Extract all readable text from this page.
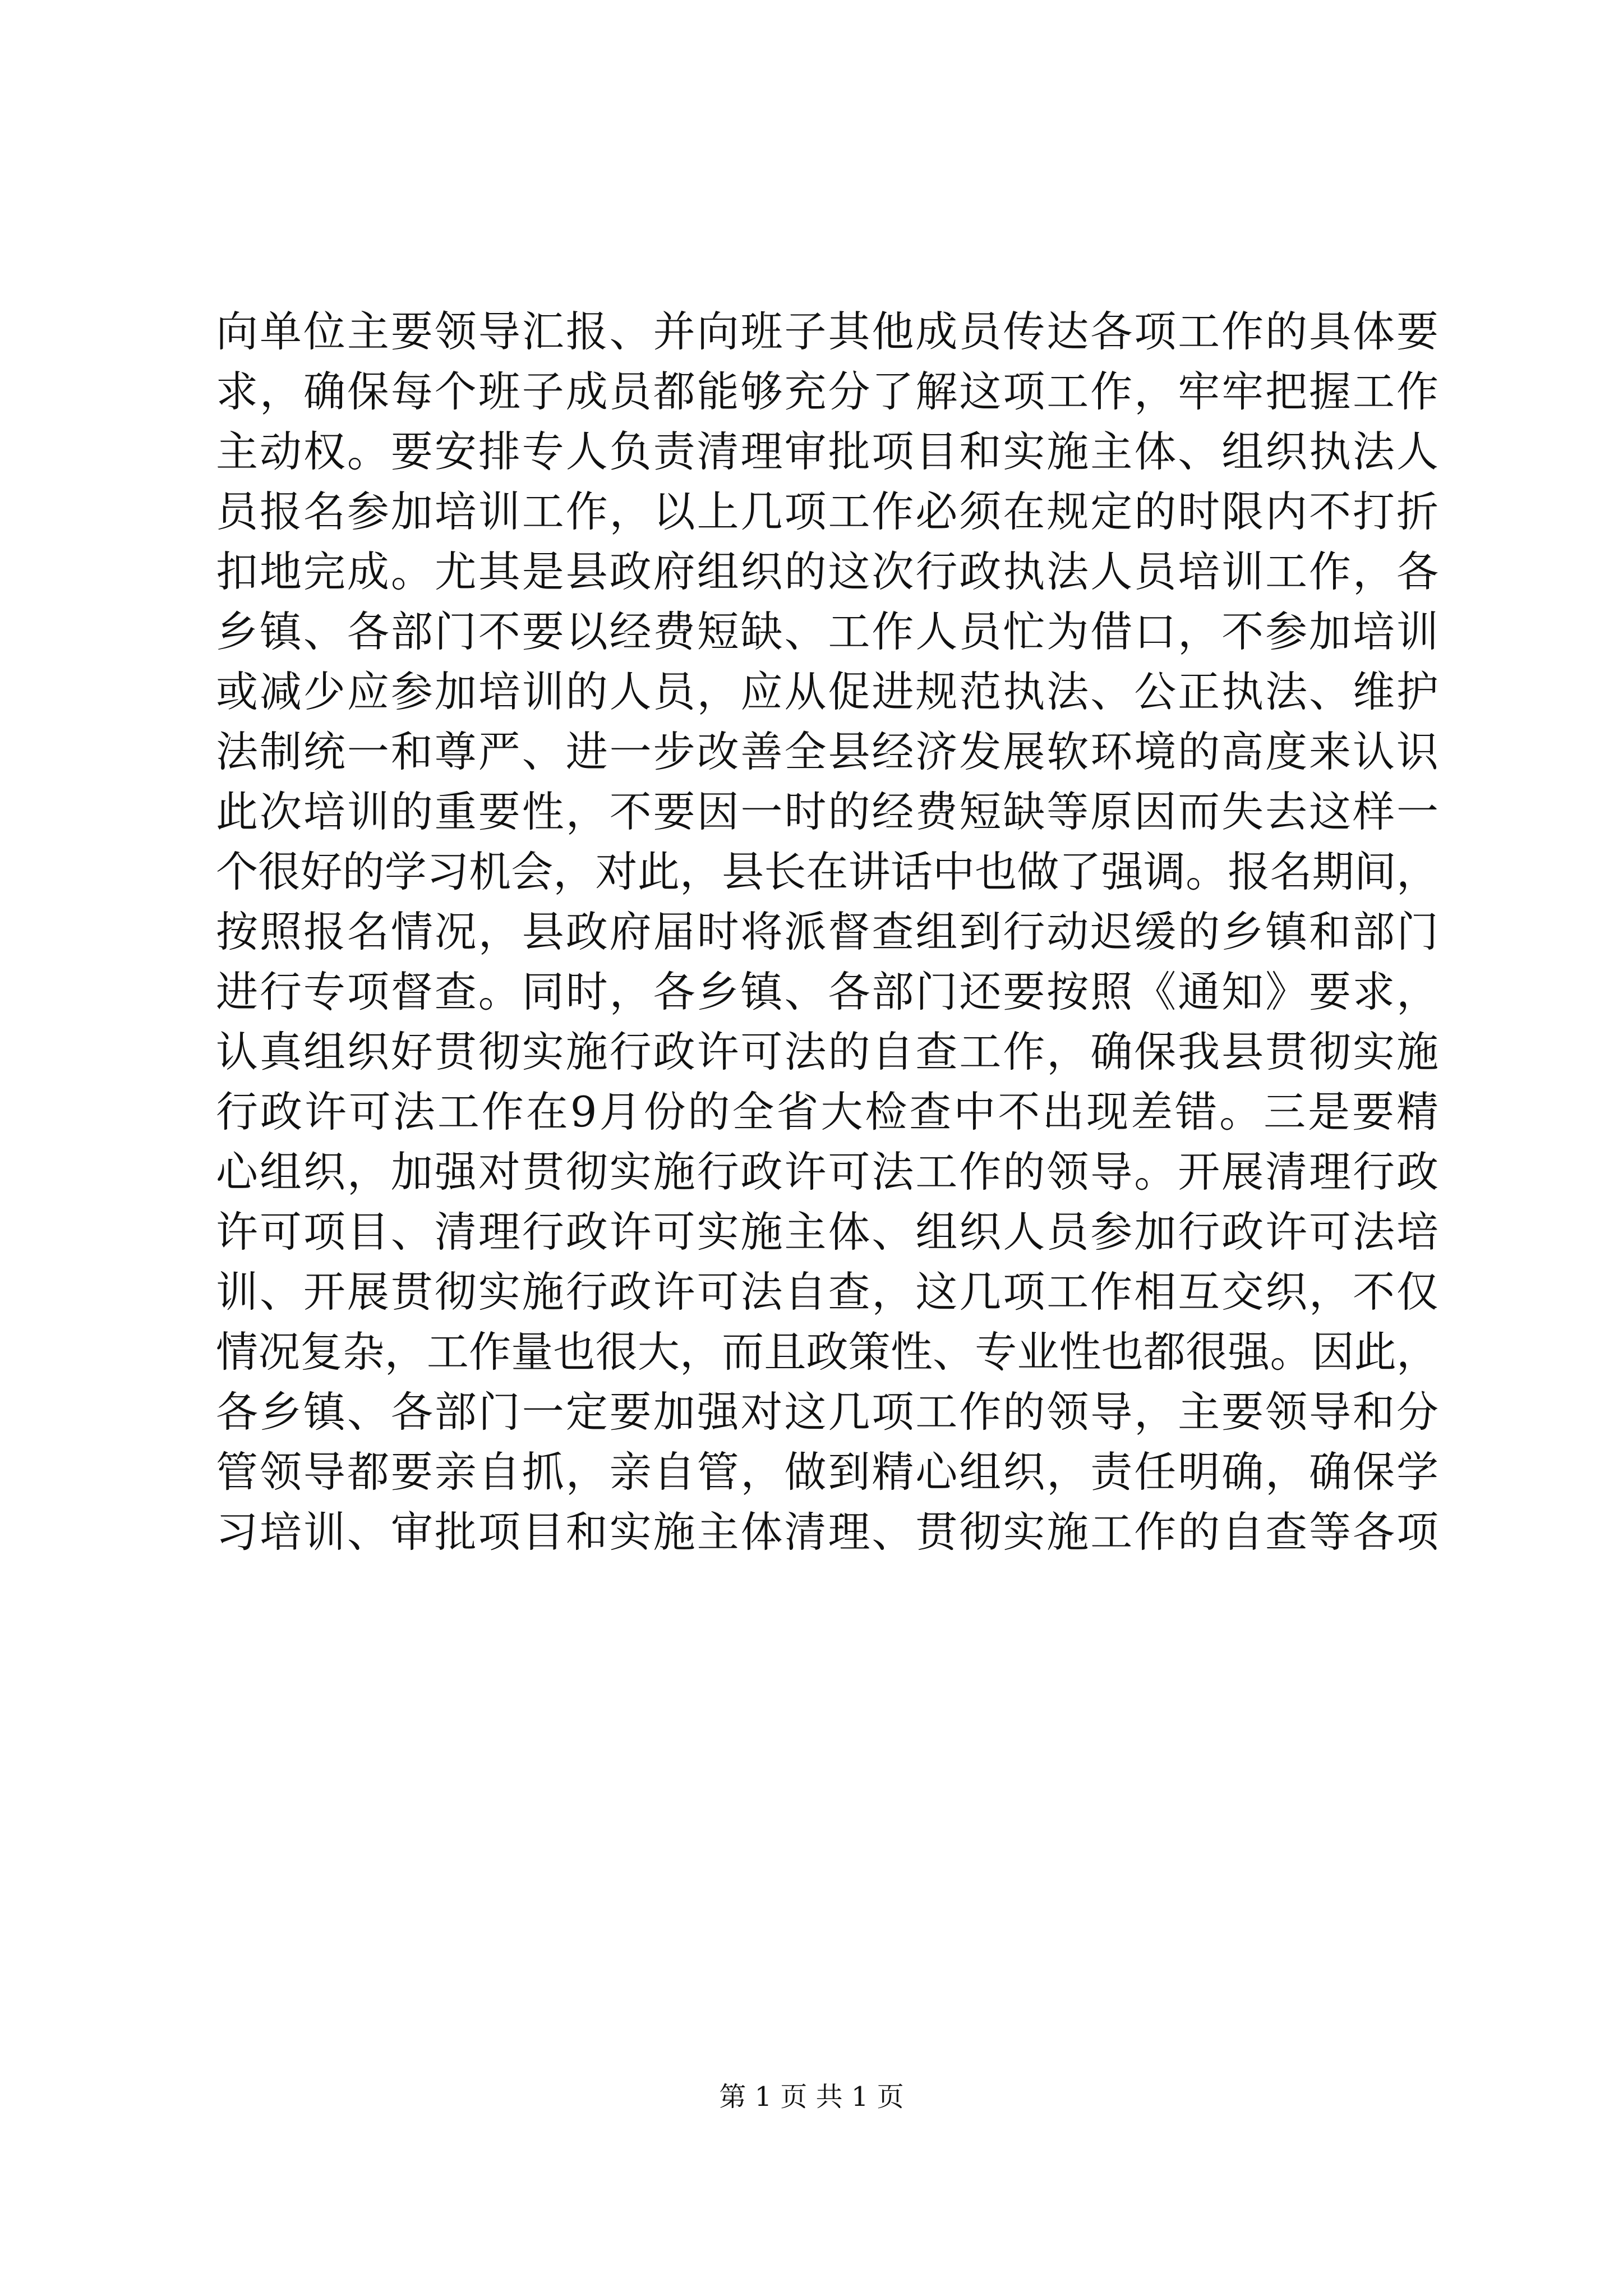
向单位主要领导汇报、并向班子其他成员传达各项工作的具体要
求，确保每个班子成员都能够充分了解这项工作，牢牢把握工作
主动权。要安排专人负责清理审批项目和实施主体、组织执法人
员报名参加培训工作，以上几项工作必须在规定的时限内不打折
扣地完成。尤其是县政府组织的这次行政执法人员培训工作，各
乡镇、各部门不要以经费短缺、工作人员忙为借口，不参加培训
或减少应参加培训的人员，应从促进规范执法、公正执法、维护
法制统一和尊严、进一步改善全县经济发展软环境的高度来认识
此次培训的重要性，不要因一时的经费短缺等原因而失去这样一
个很好的学习机会，对此，县长在讲话中也做了强调。报名期间，
按照报名情况，县政府届时将派督查组到行动迟缓的乡镇和部门
进行专项督查。同时，各乡镇、各部门还要按照《通知》要求，
认真组织好贯彻实施行政许可法的自查工作，确保我县贯彻实施
行政许可法工作在9月份的全省大检查中不出现差错。三是要精
心组织，加强对贯彻实施行政许可法工作的领导。开展清理行政
许可项目、清理行政许可实施主体、组织人员参加行政许可法培
训、开展贯彻实施行政许可法自查，这几项工作相互交织，不仅
情况复杂，工作量也很大，而且政策性、专业性也都很强。因此，
各乡镇、各部门一定要加强对这几项工作的领导，主要领导和分
管领导都要亲自抓，亲自管，做到精心组织，责任明确，确保学
习培训、审批项目和实施主体清理、贯彻实施工作的自查等各项
第 1 页 共 1 页
